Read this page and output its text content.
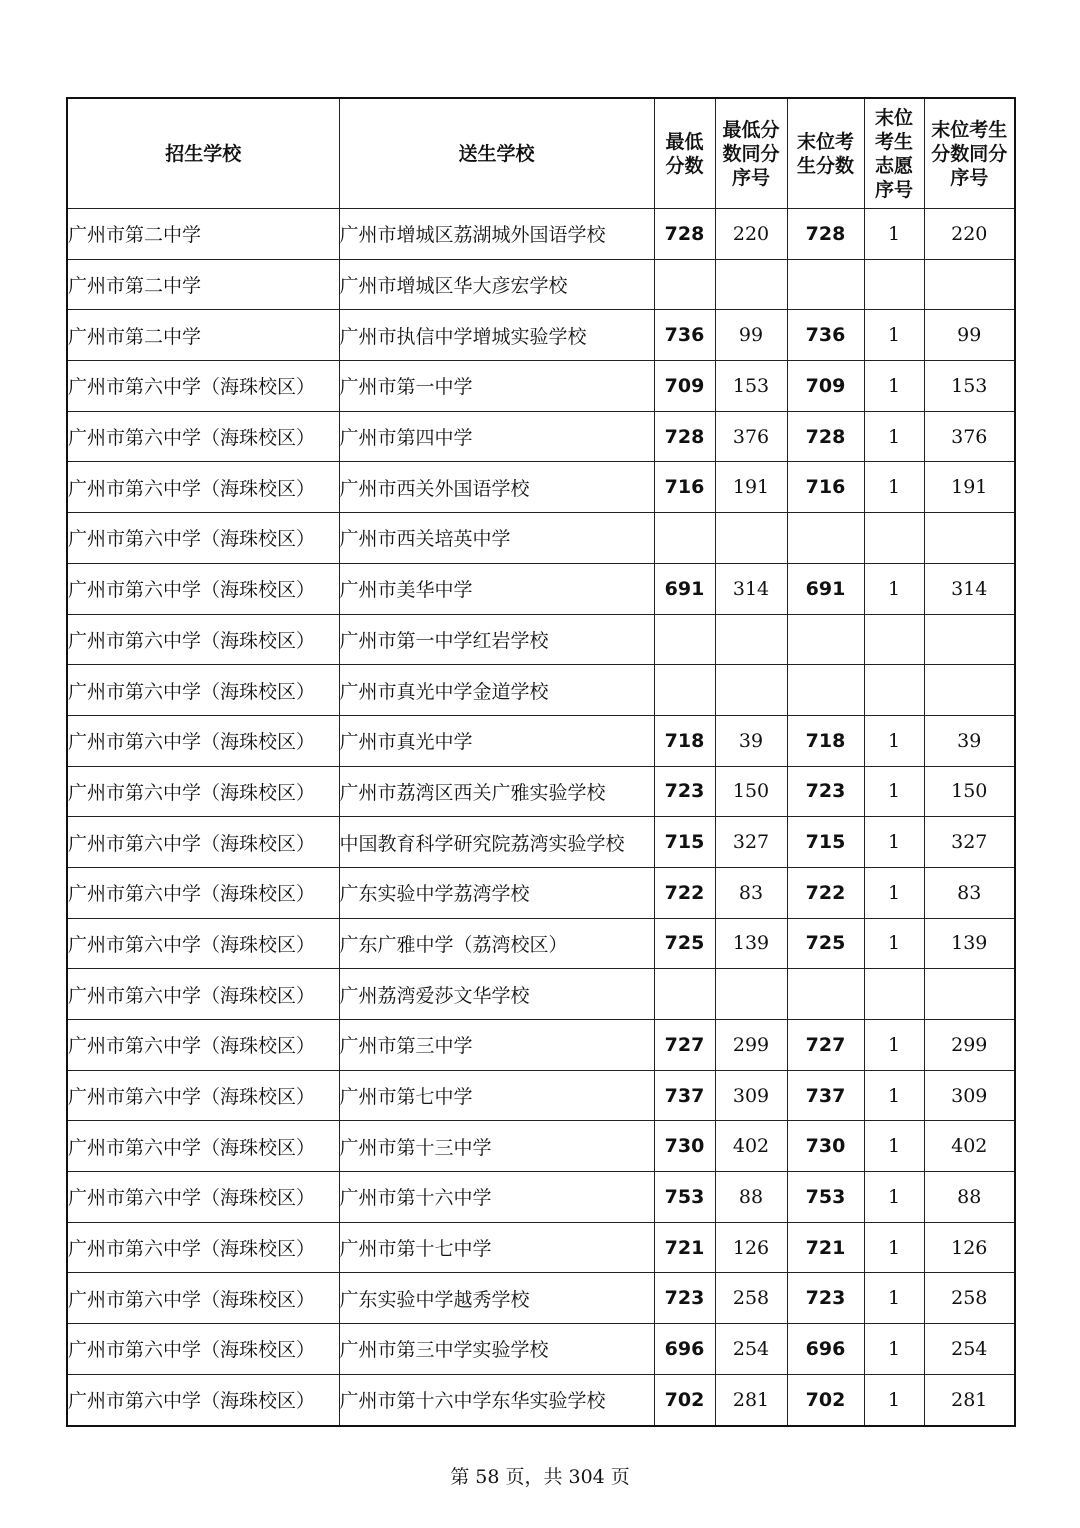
招生学校	送生学校	最低分数	最低分数同分序号	末位考生分数	末位考生志愿序号	末位考生分数同分序号
广州市第二中学	广州市增城区荔湖城外国语学校	728	220	728	1	220
广州市第二中学	广州市增城区华大彦宏学校					
广州市第二中学	广州市执信中学增城实验学校	736	99	736	1	99
广州市第六中学（海珠校区）	广州市第一中学	709	153	709	1	153
广州市第六中学（海珠校区）	广州市第四中学	728	376	728	1	376
广州市第六中学（海珠校区）	广州市西关外国语学校	716	191	716	1	191
广州市第六中学（海珠校区）	广州市西关培英中学					
广州市第六中学（海珠校区）	广州市美华中学	691	314	691	1	314
广州市第六中学（海珠校区）	广州市第一中学红岩学校					
广州市第六中学（海珠校区）	广州市真光中学金道学校					
广州市第六中学（海珠校区）	广州市真光中学	718	39	718	1	39
广州市第六中学（海珠校区）	广州市荔湾区西关广雅实验学校	723	150	723	1	150
广州市第六中学（海珠校区）	中国教育科学研究院荔湾实验学校	715	327	715	1	327
广州市第六中学（海珠校区）	广东实验中学荔湾学校	722	83	722	1	83
广州市第六中学（海珠校区）	广东广雅中学（荔湾校区）	725	139	725	1	139
广州市第六中学（海珠校区）	广州荔湾爱莎文华学校					
广州市第六中学（海珠校区）	广州市第三中学	727	299	727	1	299
广州市第六中学（海珠校区）	广州市第七中学	737	309	737	1	309
广州市第六中学（海珠校区）	广州市第十三中学	730	402	730	1	402
广州市第六中学（海珠校区）	广州市第十六中学	753	88	753	1	88
广州市第六中学（海珠校区）	广州市第十七中学	721	126	721	1	126
广州市第六中学（海珠校区）	广东实验中学越秀学校	723	258	723	1	258
广州市第六中学（海珠校区）	广州市第三中学实验学校	696	254	696	1	254
广州市第六中学（海珠校区）	广州市第十六中学东华实验学校	702	281	702	1	281
第 58 页，共 304 页
